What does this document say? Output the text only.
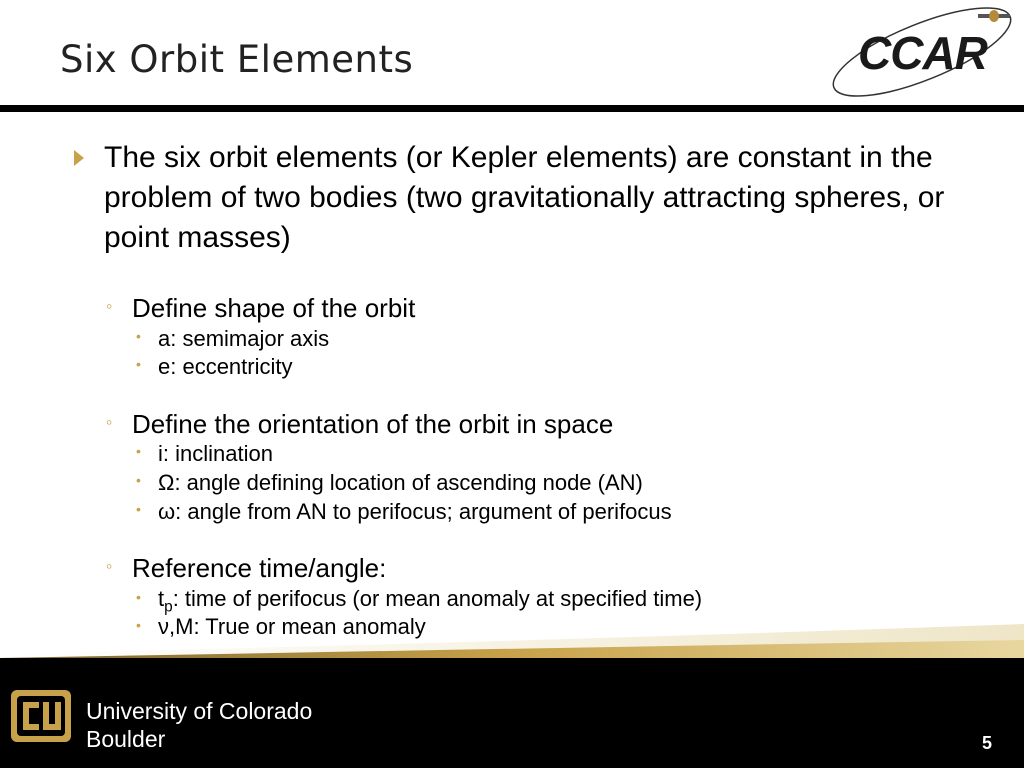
Six Orbit Elements	CCAR
The six orbit elements (or Kepler elements) are constant in the problem of two bodies (two gravitationally attracting spheres, or point masses)
◦ Define shape of the orbit
• a: semimajor axis
• e: eccentricity
◦ Define the orientation of the orbit in space
• i: inclination
• Ω: angle defining location of ascending node (AN)
• ω: angle from AN to perifocus; argument of perifocus
◦ Reference time/angle:
• $t_p$: time of perifocus (or mean anomaly at specified time)
• ν,M: True or mean anomaly
University of Colorado
Boulder	5
